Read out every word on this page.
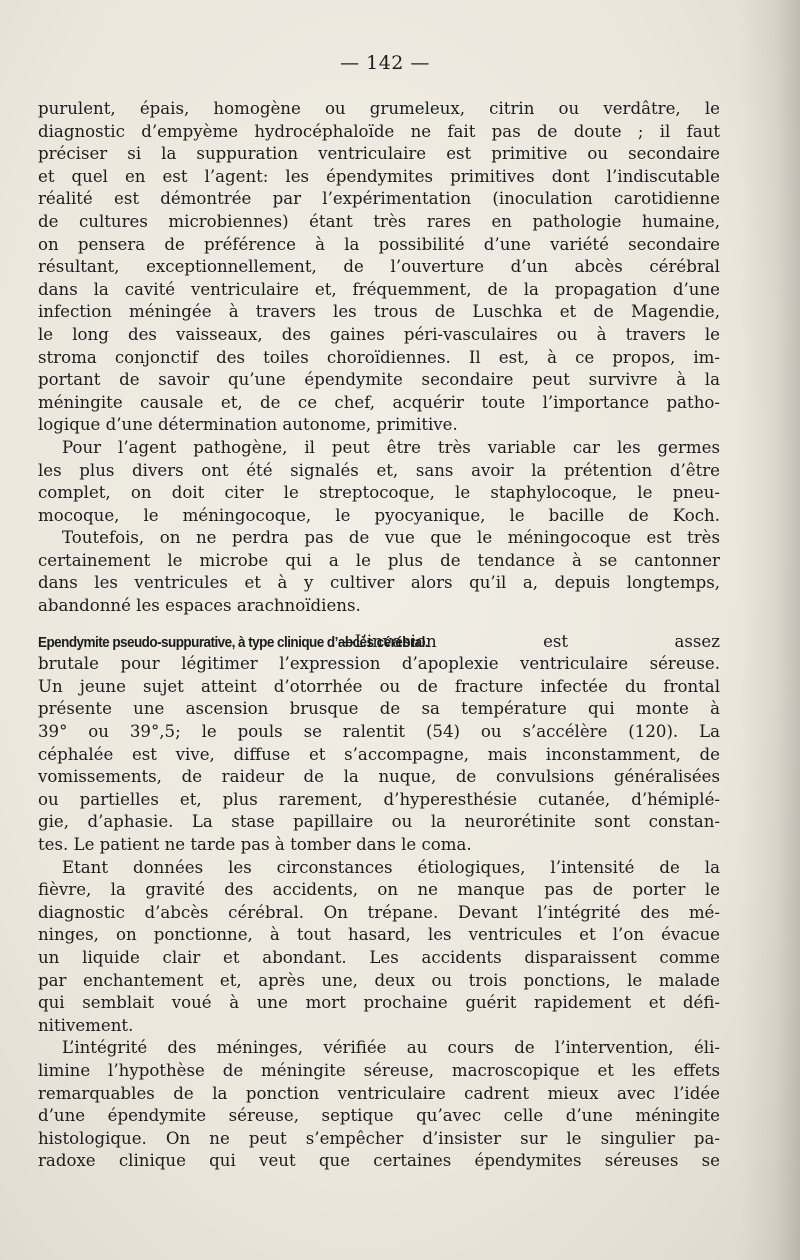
— 142 —
purulent, épais, homogène ou grumeleux, citrin ou verdâtre, le
diagnostic d’empyème hydrocéphaloïde ne fait pas de doute ; il faut
préciser si la suppuration ventriculaire est primitive ou secondaire
et quel en est l’agent: les épendymites primitives dont l’indiscutable
réalité est démontrée par l’expérimentation (inoculation carotidienne
de cultures microbiennes) étant très rares en pathologie humaine,
on pensera de préférence à la possibilité d’une variété secondaire
résultant, exceptionnellement, de l’ouverture d’un abcès cérébral
dans la cavité ventriculaire et, fréquemment, de la propagation d’une
infection méningée à travers les trous de Luschka et de Magendie,
le long des vaisseaux, des gaines péri-vasculaires ou à travers le
stroma conjonctif des toiles choroïdiennes. Il est, à ce propos, im-
portant de savoir qu’une épendymite secondaire peut survivre à la
méningite causale et, de ce chef, acquérir toute l’importance patho-
logique d’une détermination autonome, primitive.
Pour l’agent pathogène, il peut être très variable car les germes
les plus divers ont été signalés et, sans avoir la prétention d’être
complet, on doit citer le streptocoque, le staphylocoque, le pneu-
mocoque, le méningocoque, le pyocyanique, le bacille de Koch.
Toutefois, on ne perdra pas de vue que le méningocoque est très
certainement le microbe qui a le plus de tendance à se cantonner
dans les ventricules et à y cultiver alors qu’il a, depuis longtemps,
abandonné les espaces arachnoïdiens.
Ependymite pseudo-suppurative, à type clinique d’abcès cérébral.
—L’invasion est assez
brutale pour légitimer l’expression d’apoplexie ventriculaire séreuse.
Un jeune sujet atteint d’otorrhée ou de fracture infectée du frontal
présente une ascension brusque de sa température qui monte à
39° ou 39°,5; le pouls se ralentit (54) ou s’accélère (120). La
céphalée est vive, diffuse et s’accompagne, mais inconstamment, de
vomissements, de raideur de la nuque, de convulsions généralisées
ou partielles et, plus rarement, d’hyperesthésie cutanée, d’hémiplé-
gie, d’aphasie. La stase papillaire ou la neurorétinite sont constan-
tes. Le patient ne tarde pas à tomber dans le coma.
Etant données les circonstances étiologiques, l’intensité de la
fièvre, la gravité des accidents, on ne manque pas de porter le
diagnostic d’abcès cérébral. On trépane. Devant l’intégrité des mé-
ninges, on ponctionne, à tout hasard, les ventricules et l’on évacue
un liquide clair et abondant. Les accidents disparaissent comme
par enchantement et, après une, deux ou trois ponctions, le malade
qui semblait voué à une mort prochaine guérit rapidement et défi-
nitivement.
L’intégrité des méninges, vérifiée au cours de l’intervention, éli-
limine l’hypothèse de méningite séreuse, macroscopique et les effets
remarquables de la ponction ventriculaire cadrent mieux avec l’idée
d’une épendymite séreuse, septique qu’avec celle d’une méningite
histologique. On ne peut s’empêcher d’insister sur le singulier pa-
radoxe clinique qui veut que certaines épendymites séreuses se
